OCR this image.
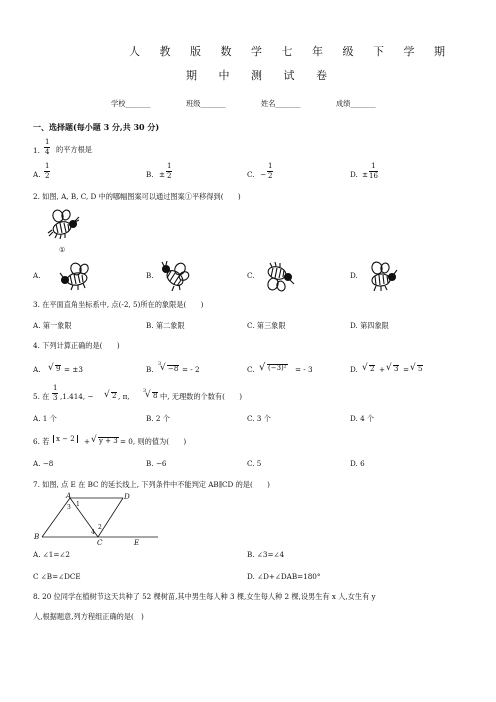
人 教 版 数 学 七 年 级 下 学 期
期 中 测 试 卷
学校_______	班级_______	姓名_______	成绩_______
一、选择题(每小题 3 分,共 30 分)
1. $\frac{1}{4}$ 的平方根是
A. $\frac{1}{2}$	B. ± $\frac{1}{2}$	C. − $\frac{1}{2}$	D. ± $\frac{1}{16}$
2. 如图, A, B, C, D 中的哪幅图案可以通过图案①平移得到(　　)
①
A.	B.	C.	D.
3. 在平面直角坐标系中, 点(-2, 5)所在的象限是(　　)
A. 第一象限	B. 第二象限	C. 第三象限	D. 第四象限
4. 下列计算正确的是(　　)
A. √ 9 = ±3	B.
3
√ −8 = - 2	C. √ (−3)² = - 3	D. √ 2 + √ 3 = √ 5
5. 在 $\frac{1}{3} ,1.414$, − √ 2 , π,
3
√ 8 中, 无理数的个数有(　　)
A. 1 个	B. 2 个	C. 3 个	D. 4 个
6. 若 x − 2	+ √ y + 3 = 0, 则的值为(　　)
A. −8	B. −6	C. 5	D. 6
7. 如图, 点 E 在 BC 的延长线上, 下列条件中不能判定 AB∥CD 的是(　　)
A	D
B
C	E
1
3
4
2
A. ∠1=∠2	B. ∠3=∠4
C ∠B=∠DCE	D. ∠D+∠DAB=180°
8. 20 位同学在植树节这天共种了 52 棵树苗,其中男生每人种 3 棵,女生每人种 2 棵,设男生有 x 人,女生有 y
人,根据题意,列方程组正确的是(　)
